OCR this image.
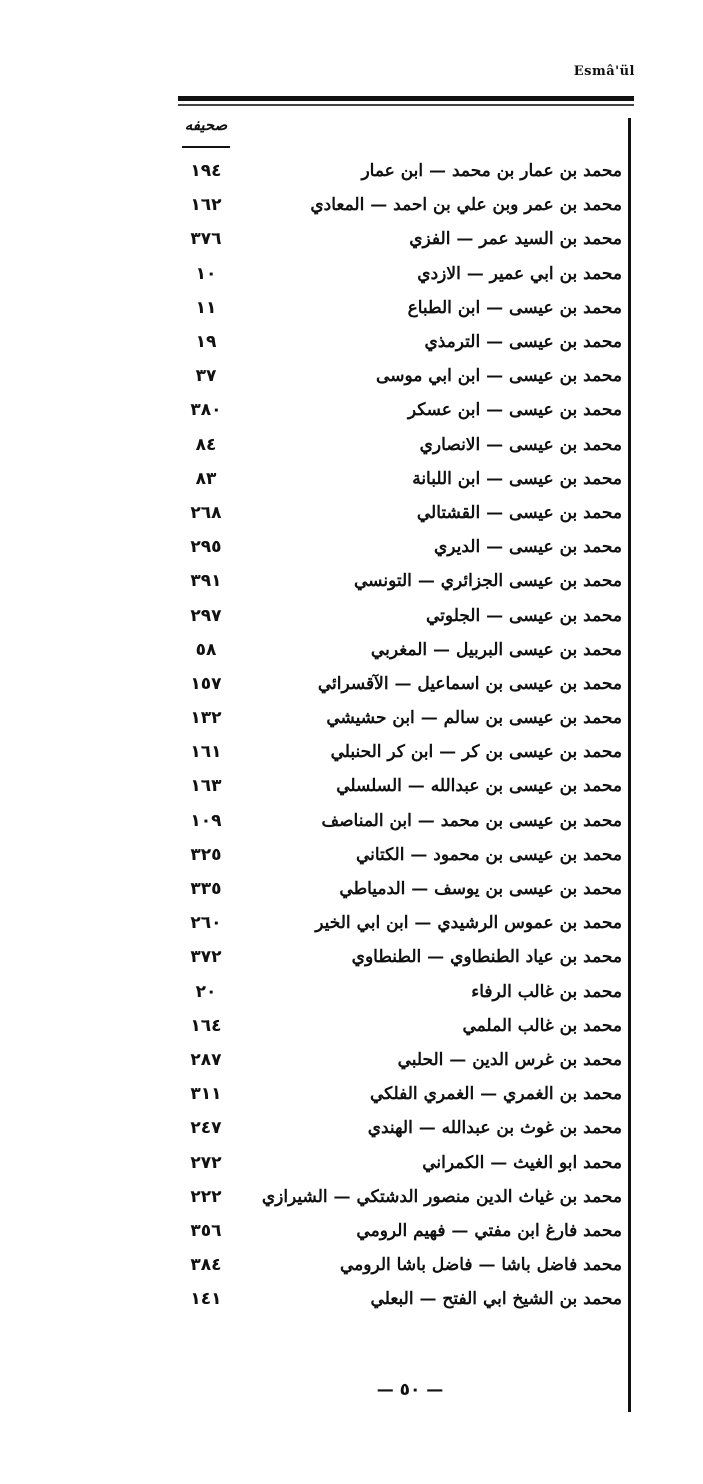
Esmâ'ül
صحيفه
١٩٤	محمد بن عمار بن محمد — ابن عمار
١٦٢	محمد بن عمر وبن علي بن احمد — المعادي
٣٧٦	محمد بن السيد عمر — الفزي
١٠	محمد بن ابي عمير — الازدي
١١	محمد بن عيسى — ابن الطباع
١٩	محمد بن عيسى — الترمذي
٣٧	محمد بن عيسى — ابن ابي موسى
٣٨٠	محمد بن عيسى — ابن عسكر
٨٤	محمد بن عيسى — الانصاري
٨٣	محمد بن عيسى — ابن اللبانة
٢٦٨	محمد بن عيسى — القشتالي
٢٩٥	محمد بن عيسى — الديري
٣٩١	محمد بن عيسى الجزائري — التونسي
٢٩٧	محمد بن عيسى — الجلوتي
٥٨	محمد بن عيسى البربيل — المغربي
١٥٧	محمد بن عيسى بن اسماعيل — الآقسرائي
١٣٢	محمد بن عيسى بن سالم — ابن حشيشي
١٦١	محمد بن عيسى بن كر — ابن كر الحنبلي
١٦٣	محمد بن عيسى بن عبدالله — السلسلي
١٠٩	محمد بن عيسى بن محمد — ابن المناصف
٣٢٥	محمد بن عيسى بن محمود — الكتاني
٣٣٥	محمد بن عيسى بن يوسف — الدمياطي
٢٦٠	محمد بن عموس الرشيدي — ابن ابي الخير
٣٧٢	محمد بن عياد الطنطاوي — الطنطاوي
٢٠	محمد بن غالب الرفاء
١٦٤	محمد بن غالب الملمي
٢٨٧	محمد بن غرس الدين — الحلبي
٣١١	محمد بن الغمري — الغمري الفلكي
٢٤٧	محمد بن غوث بن عبدالله — الهندي
٢٧٢	محمد ابو الغيث — الكمراني
٢٢٢	محمد بن غياث الدين منصور الدشتكي — الشيرازي
٣٥٦	محمد فارغ ابن مفتي — فهيم الرومي
٣٨٤	محمد فاضل باشا — فاضل باشا الرومي
١٤١	محمد بن الشيخ ابي الفتح — البعلي
— ٥٠ —
